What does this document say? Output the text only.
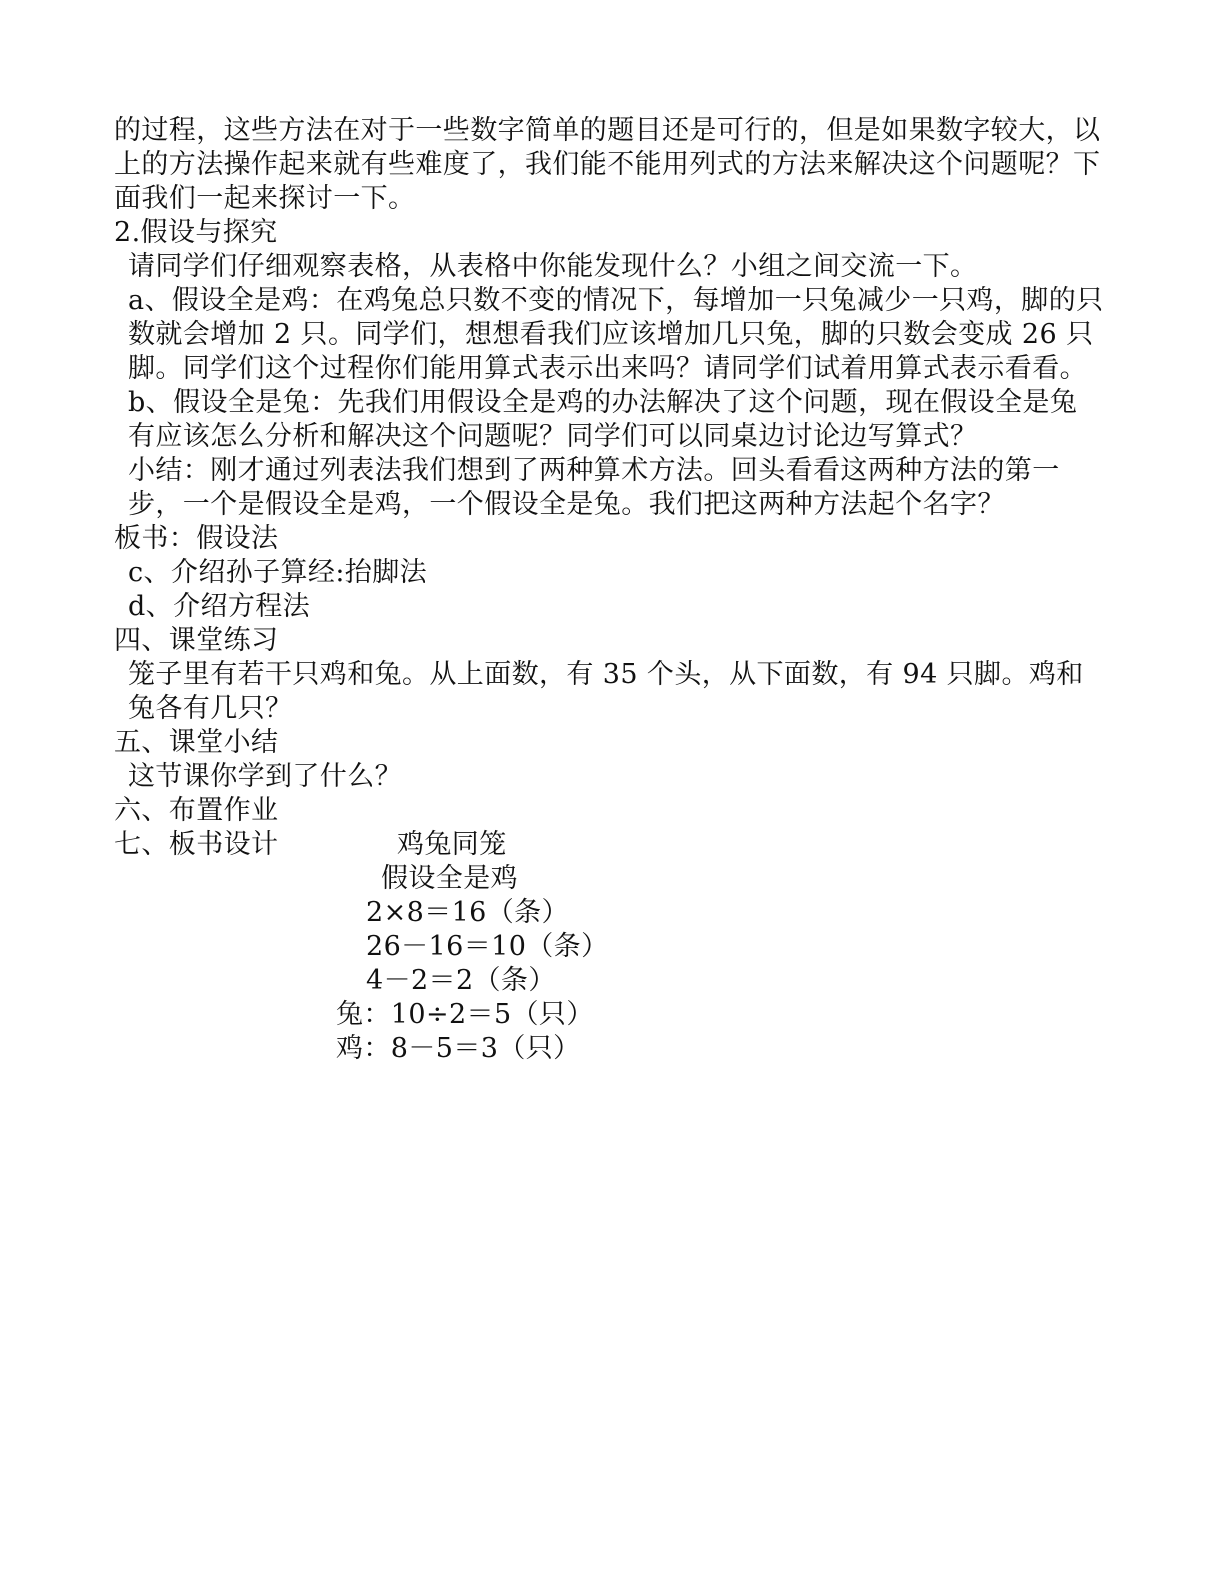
的过程，这些方法在对于一些数字简单的题目还是可行的，但是如果数字较大，以上的方法操作起来就有些难度了，我们能不能用列式的方法来解决这个问题呢？下面我们一起来探讨一下。

2.假设与探究

请同学们仔细观察表格，从表格中你能发现什么？小组之间交流一下。

a、假设全是鸡：在鸡兔总只数不变的情况下，每增加一只兔减少一只鸡，脚的只数就会增加 2 只。同学们，想想看我们应该增加几只兔，脚的只数会变成 26 只脚。同学们这个过程你们能用算式表示出来吗？请同学们试着用算式表示看看。

b、假设全是兔：先我们用假设全是鸡的办法解决了这个问题，现在假设全是兔有应该怎么分析和解决这个问题呢？同学们可以同桌边讨论边写算式？

小结：刚才通过列表法我们想到了两种算术方法。回头看看这两种方法的第一步，一个是假设全是鸡，一个假设全是兔。我们把这两种方法起个名字？

板书：假设法

c、介绍孙子算经:抬脚法

d、介绍方程法

四、课堂练习

笼子里有若干只鸡和兔。从上面数，有 35 个头，从下面数，有 94 只脚。鸡和兔各有几只？

五、课堂小结

这节课你学到了什么？

六、布置作业

七、板书设计	鸡兔同笼
假设全是鸡
2×8＝16（条）
26－16＝10（条）
4－2＝2（条）
兔：10÷2＝5（只）
鸡：8－5＝3（只）
